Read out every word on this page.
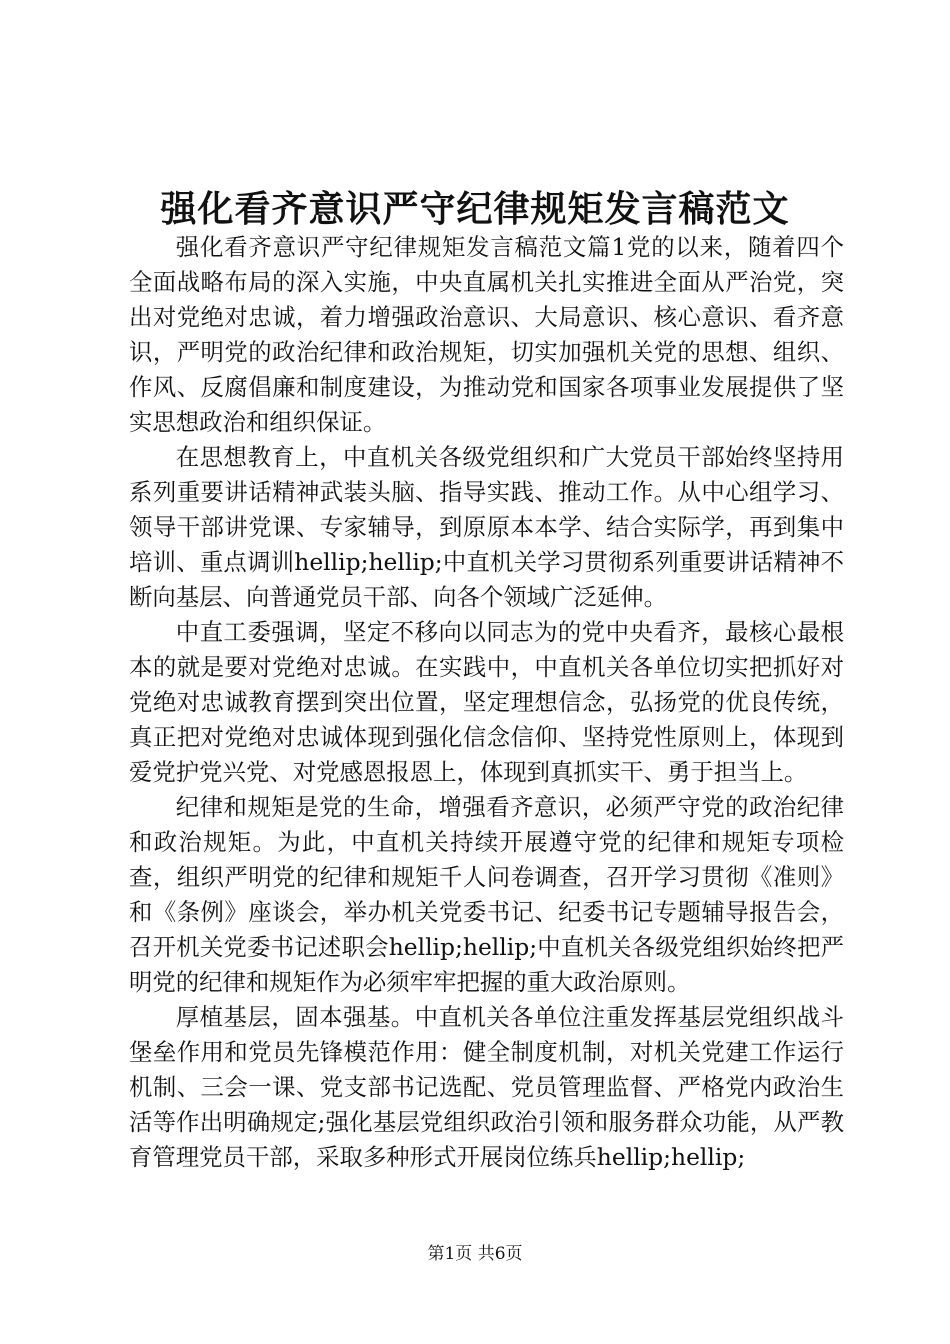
强化看齐意识严守纪律规矩发言稿范文

强化看齐意识严守纪律规矩发言稿范文篇1党的以来，随着四个全面战略布局的深入实施，中央直属机关扎实推进全面从严治党，突出对党绝对忠诚，着力增强政治意识、大局意识、核心意识、看齐意识，严明党的政治纪律和政治规矩，切实加强机关党的思想、组织、作风、反腐倡廉和制度建设，为推动党和国家各项事业发展提供了坚实思想政治和组织保证。

在思想教育上，中直机关各级党组织和广大党员干部始终坚持用系列重要讲话精神武装头脑、指导实践、推动工作。从中心组学习、领导干部讲党课、专家辅导，到原原本本学、结合实际学，再到集中培训、重点调训hellip;hellip;中直机关学习贯彻系列重要讲话精神不断向基层、向普通党员干部、向各个领域广泛延伸。

中直工委强调，坚定不移向以同志为的党中央看齐，最核心最根本的就是要对党绝对忠诚。在实践中，中直机关各单位切实把抓好对党绝对忠诚教育摆到突出位置，坚定理想信念，弘扬党的优良传统，真正把对党绝对忠诚体现到强化信念信仰、坚持党性原则上，体现到爱党护党兴党、对党感恩报恩上，体现到真抓实干、勇于担当上。

纪律和规矩是党的生命，增强看齐意识，必须严守党的政治纪律和政治规矩。为此，中直机关持续开展遵守党的纪律和规矩专项检查，组织严明党的纪律和规矩千人问卷调查，召开学习贯彻《准则》和《条例》座谈会，举办机关党委书记、纪委书记专题辅导报告会，召开机关党委书记述职会hellip;hellip;中直机关各级党组织始终把严明党的纪律和规矩作为必须牢牢把握的重大政治原则。

厚植基层，固本强基。中直机关各单位注重发挥基层党组织战斗堡垒作用和党员先锋模范作用：健全制度机制，对机关党建工作运行机制、三会一课、党支部书记选配、党员管理监督、严格党内政治生活等作出明确规定;强化基层党组织政治引领和服务群众功能，从严教育管理党员干部，采取多种形式开展岗位练兵hellip;hellip;

第1页 共6页
